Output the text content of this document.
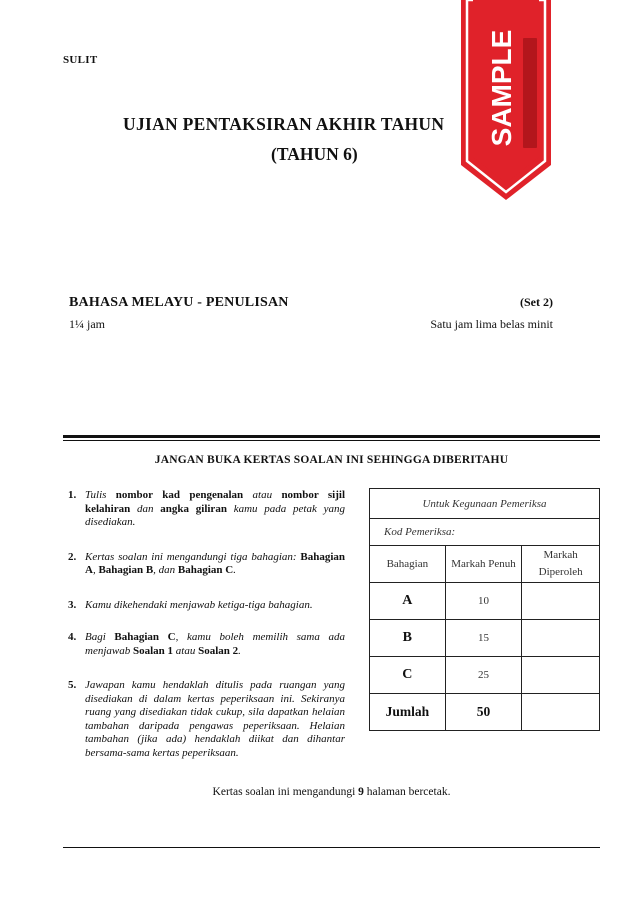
SULIT
UJIAN PENTAKSIRAN AKHIR TAHUN
(TAHUN 6)
BAHASA MELAYU - PENULISAN	(Set 2)
1¼ jam	Satu jam lima belas minit
JANGAN BUKA KERTAS SOALAN INI SEHINGGA DIBERITAHU
1. Tulis nombor kad pengenalan atau nombor sijil kelahiran dan angka giliran kamu pada petak yang disediakan.
2. Kertas soalan ini mengandungi tiga bahagian: Bahagian A, Bahagian B, dan Bahagian C.
3. Kamu dikehendaki menjawab ketiga-tiga bahagian.
4. Bagi Bahagian C, kamu boleh memilih sama ada menjawab Soalan 1 atau Soalan 2.
5. Jawapan kamu hendaklah ditulis pada ruangan yang disediakan di dalam kertas peperiksaan ini. Sekiranya ruang yang disediakan tidak cukup, sila dapatkan helaian tambahan daripada pengawas peperiksaan. Helaian tambahan (jika ada) hendaklah diikat dan dihantar bersama-sama kertas peperiksaan.
Untuk Kegunaan Pemeriksa		
Kod Pemeriksa:		
Bahagian	Markah Penuh	Markah Diperoleh
A	10	
B	15	
C	25	
Jumlah	50	
Kertas soalan ini mengandungi 9 halaman bercetak.
SAMPLE
